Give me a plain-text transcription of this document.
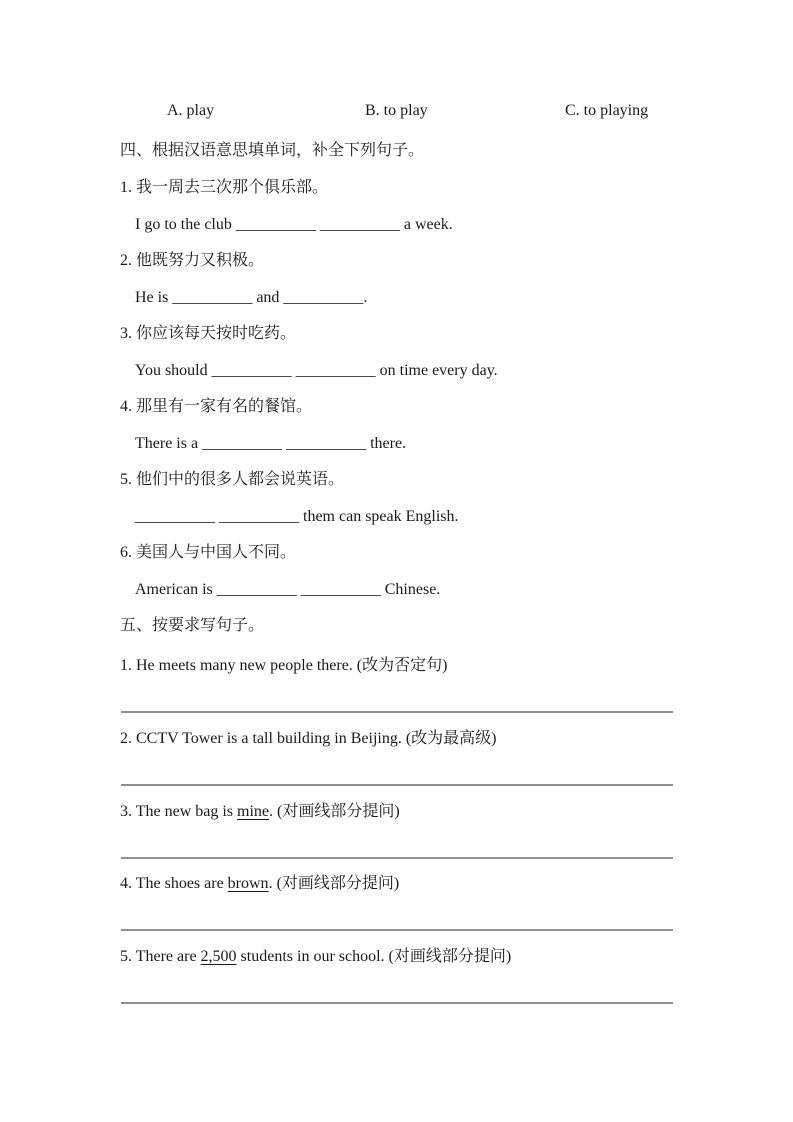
A. play	B. to play	C. to playing
四、根据汉语意思填单词，补全下列句子。
1. 我一周去三次那个俱乐部。
I go to the club __________ __________ a week.
2. 他既努力又积极。
He is __________ and __________.
3. 你应该每天按时吃药。
You should __________ __________ on time every day.
4. 那里有一家有名的餐馆。
There is a __________ __________ there.
5. 他们中的很多人都会说英语。
__________ __________ them can speak English.
6. 美国人与中国人不同。
American is __________ __________ Chinese.
五、按要求写句子。
1. He meets many new people there. (改为否定句)
2. CCTV Tower is a tall building in Beijing. (改为最高级)
3. The new bag is mine. (对画线部分提问)
4. The shoes are brown. (对画线部分提问)
5. There are 2,500 students in our school. (对画线部分提问)
